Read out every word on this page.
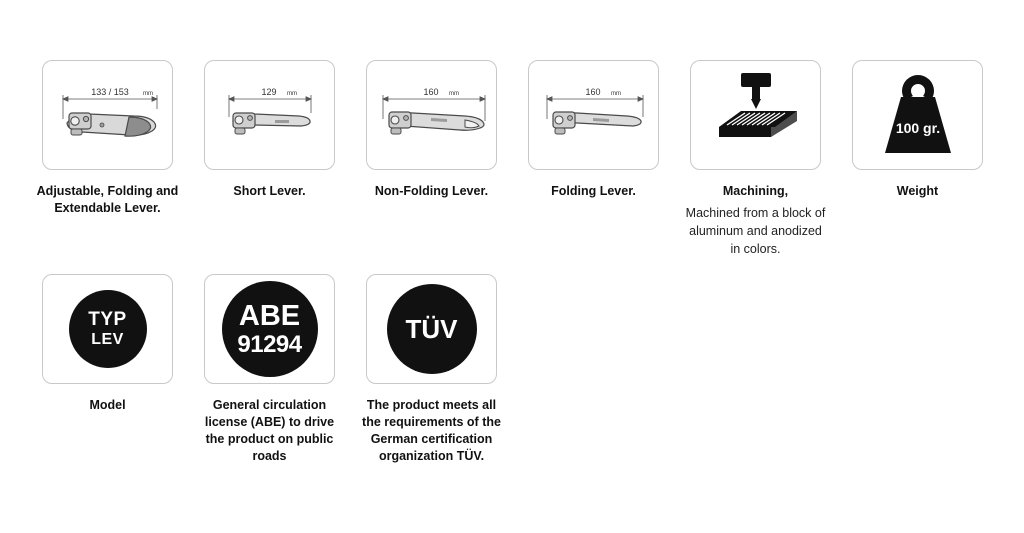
133 / 153 mm
Adjustable, Folding and Extendable Lever.
129 mm
Short Lever.
160 mm
Non-Folding Lever.
160 mm
Folding Lever.	Machining,
Machined from a block of aluminum and anodized in colors.
100 gr.
Weight
TYP
LEV
Model
ABE
91294
General circulation license (ABE) to drive the product on public roads
TÜV
The product meets all the requirements of the German certification organization TÜV.
